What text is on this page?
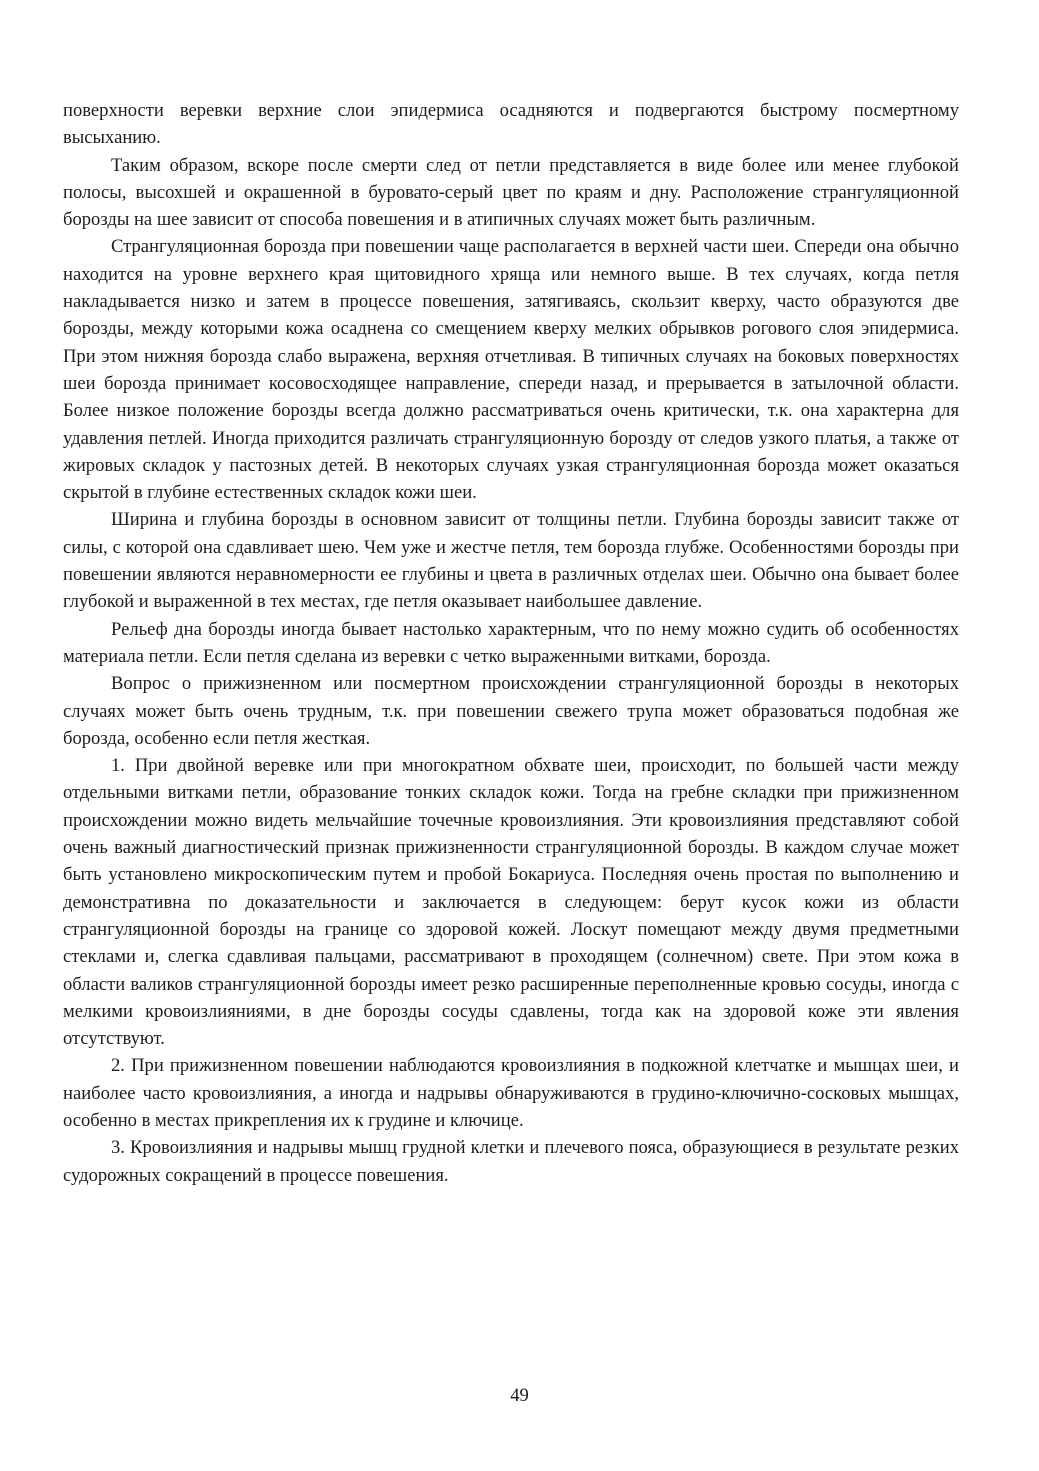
поверхности веревки верхние слои эпидермиса осадняются и подвергаются быстрому посмертному высыханию.

Таким образом, вскоре после смерти след от петли представляется в виде более или менее глубокой полосы, высохшей и окрашенной в буровато-серый цвет по краям и дну. Расположение странгуляционной борозды на шее зависит от способа повешения и в атипичных случаях может быть различным.

Странгуляционная борозда при повешении чаще располагается в верхней части шеи. Спереди она обычно находится на уровне верхнего края щитовидного хряща или немного выше. В тех случаях, когда петля накладывается низко и затем в процессе повешения, затягиваясь, скользит кверху, часто образуются две борозды, между которыми кожа осаднена со смещением кверху мелких обрывков рогового слоя эпидермиса. При этом нижняя борозда слабо выражена, верхняя отчетливая. В типичных случаях на боковых поверхностях шеи борозда принимает косовосходящее направление, спереди назад, и прерывается в затылочной области. Более низкое положение борозды всегда должно рассматриваться очень критически, т.к. она характерна для удавления петлей. Иногда приходится различать странгуляционную борозду от следов узкого платья, а также от жировых складок у пастозных детей. В некоторых случаях узкая странгуляционная борозда может оказаться скрытой в глубине естественных складок кожи шеи.

Ширина и глубина борозды в основном зависит от толщины петли. Глубина борозды зависит также от силы, с которой она сдавливает шею. Чем уже и жестче петля, тем борозда глубже. Особенностями борозды при повешении являются неравномерности ее глубины и цвета в различных отделах шеи. Обычно она бывает более глубокой и выраженной в тех местах, где петля оказывает наибольшее давление.

Рельеф дна борозды иногда бывает настолько характерным, что по нему можно судить об особенностях материала петли. Если петля сделана из веревки с четко выраженными витками, борозда.

Вопрос о прижизненном или посмертном происхождении странгуляционной борозды в некоторых случаях может быть очень трудным, т.к. при повешении свежего трупа может образоваться подобная же борозда, особенно если петля жесткая.

1. При двойной веревке или при многократном обхвате шеи, происходит, по большей части между отдельными витками петли, образование тонких складок кожи. Тогда на гребне складки при прижизненном происхождении можно видеть мельчайшие точечные кровоизлияния. Эти кровоизлияния представляют собой очень важный диагностический признак прижизненности странгуляционной борозды. В каждом случае может быть установлено микроскопическим путем и пробой Бокариуса. Последняя очень простая по выполнению и демонстративна по доказательности и заключается в следующем: берут кусок кожи из области странгуляционной борозды на границе со здоровой кожей. Лоскут помещают между двумя предметными стеклами и, слегка сдавливая пальцами, рассматривают в проходящем (солнечном) свете. При этом кожа в области валиков странгуляционной борозды имеет резко расширенные переполненные кровью сосуды, иногда с мелкими кровоизлияниями, в дне борозды сосуды сдавлены, тогда как на здоровой коже эти явления отсутствуют.

2. При прижизненном повешении наблюдаются кровоизлияния в подкожной клетчатке и мышцах шеи, и наиболее часто кровоизлияния, а иногда и надрывы обнаруживаются в грудино-ключично-сосковых мышцах, особенно в местах прикрепления их к грудине и ключице.

3. Кровоизлияния и надрывы мышц грудной клетки и плечевого пояса, образующиеся в результате резких судорожных сокращений в процессе повешения.

49
